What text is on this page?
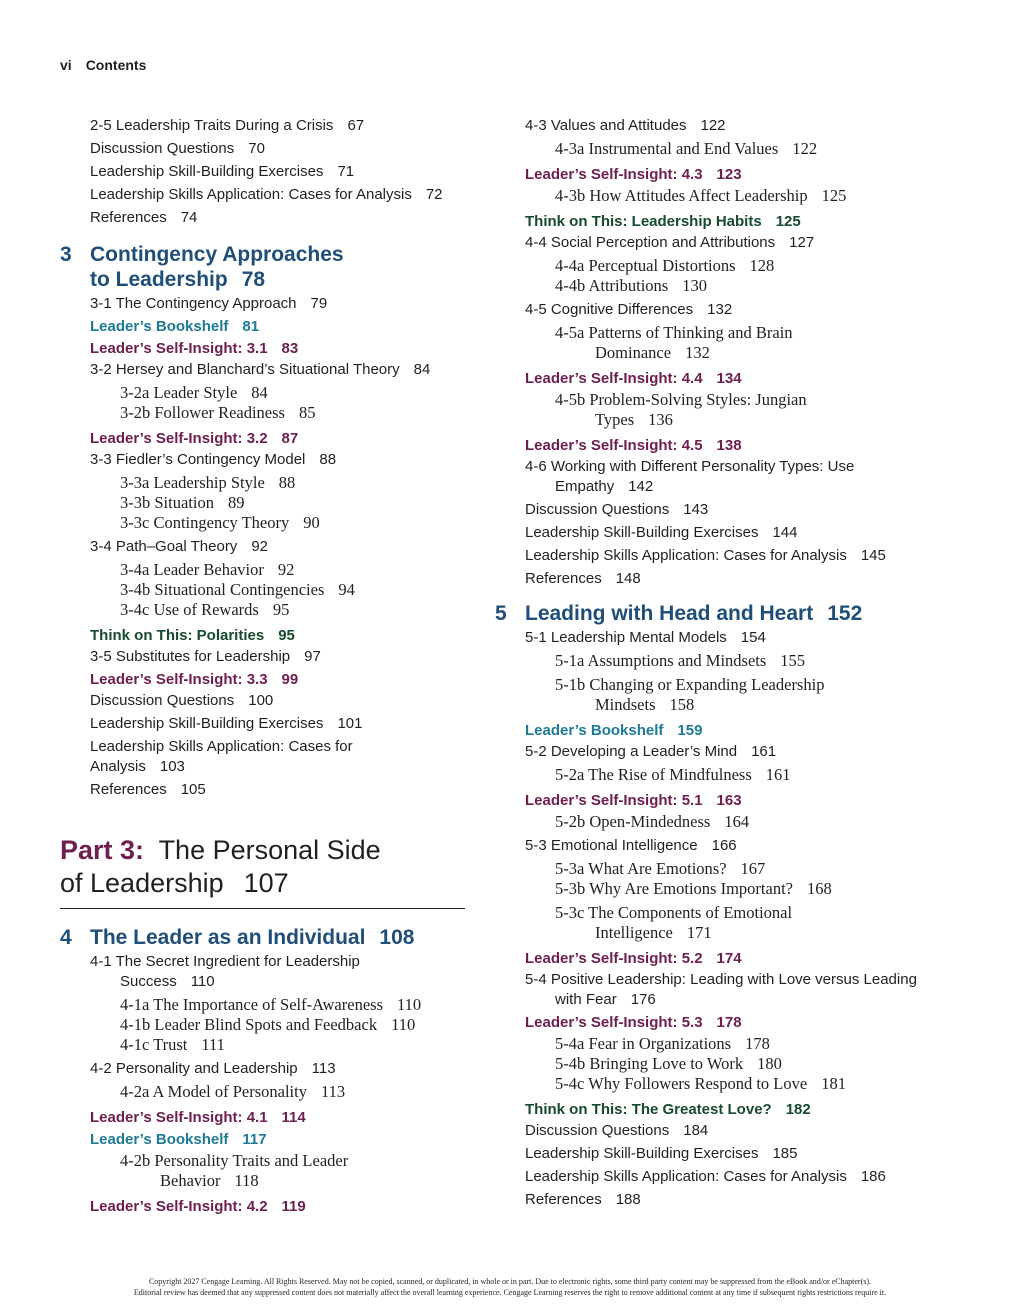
vi Contents
2-5 Leadership Traits During a Crisis 67
Discussion Questions 70
Leadership Skill-Building Exercises 71
Leadership Skills Application: Cases for Analysis 72
References 74
3 Contingency Approaches
to Leadership 78
3-1 The Contingency Approach 79
Leader’s Bookshelf 81
Leader’s Self-Insight: 3.1 83
3-2 Hersey and Blanchard’s Situational Theory 84
3-2a Leader Style 84
3-2b Follower Readiness 85
Leader’s Self-Insight: 3.2 87
3-3 Fiedler’s Contingency Model 88
3-3a Leadership Style 88
3-3b Situation 89
3-3c Contingency Theory 90
3-4 Path–Goal Theory 92
3-4a Leader Behavior 92
3-4b Situational Contingencies 94
3-4c Use of Rewards 95
Think on This: Polarities 95
3-5 Substitutes for Leadership 97
Leader’s Self-Insight: 3.3 99
Discussion Questions 100
Leadership Skill-Building Exercises 101
Leadership Skills Application: Cases for Analysis 103
References 105
Part 3: The Personal Side
of Leadership 107
4 The Leader as an Individual 108
4-1 The Secret Ingredient for Leadership Success 110
4-1a The Importance of Self-Awareness 110
4-1b Leader Blind Spots and Feedback 110
4-1c Trust 111
4-2 Personality and Leadership 113
4-2a A Model of Personality 113
Leader’s Self-Insight: 4.1 114
Leader’s Bookshelf 117
4-2b Personality Traits and Leader Behavior 118
Leader’s Self-Insight: 4.2 119
4-3 Values and Attitudes 122
4-3a Instrumental and End Values 122
Leader’s Self-Insight: 4.3 123
4-3b How Attitudes Affect Leadership 125
Think on This: Leadership Habits 125
4-4 Social Perception and Attributions 127
4-4a Perceptual Distortions 128
4-4b Attributions 130
4-5 Cognitive Differences 132
4-5a Patterns of Thinking and Brain Dominance 132
Leader’s Self-Insight: 4.4 134
4-5b Problem-Solving Styles: Jungian Types 136
Leader’s Self-Insight: 4.5 138
4-6 Working with Different Personality Types: Use Empathy 142
Discussion Questions 143
Leadership Skill-Building Exercises 144
Leadership Skills Application: Cases for Analysis 145
References 148
5 Leading with Head and Heart 152
5-1 Leadership Mental Models 154
5-1a Assumptions and Mindsets 155
5-1b Changing or Expanding Leadership Mindsets 158
Leader’s Bookshelf 159
5-2 Developing a Leader’s Mind 161
5-2a The Rise of Mindfulness 161
Leader’s Self-Insight: 5.1 163
5-2b Open-Mindedness 164
5-3 Emotional Intelligence 166
5-3a What Are Emotions? 167
5-3b Why Are Emotions Important? 168
5-3c The Components of Emotional Intelligence 171
Leader’s Self-Insight: 5.2 174
5-4 Positive Leadership: Leading with Love versus Leading with Fear 176
Leader’s Self-Insight: 5.3 178
5-4a Fear in Organizations 178
5-4b Bringing Love to Work 180
5-4c Why Followers Respond to Love 181
Think on This: The Greatest Love? 182
Discussion Questions 184
Leadership Skill-Building Exercises 185
Leadership Skills Application: Cases for Analysis 186
References 188
Copyright 2027 Cengage Learning. All Rights Reserved. May not be copied, scanned, or duplicated, in whole or in part. Due to electronic rights, some third party content may be suppressed from the eBook and/or eChapter(s).
Editorial review has deemed that any suppressed content does not materially affect the overall learning experience. Cengage Learning reserves the right to remove additional content at any time if subsequent rights restrictions require it.
